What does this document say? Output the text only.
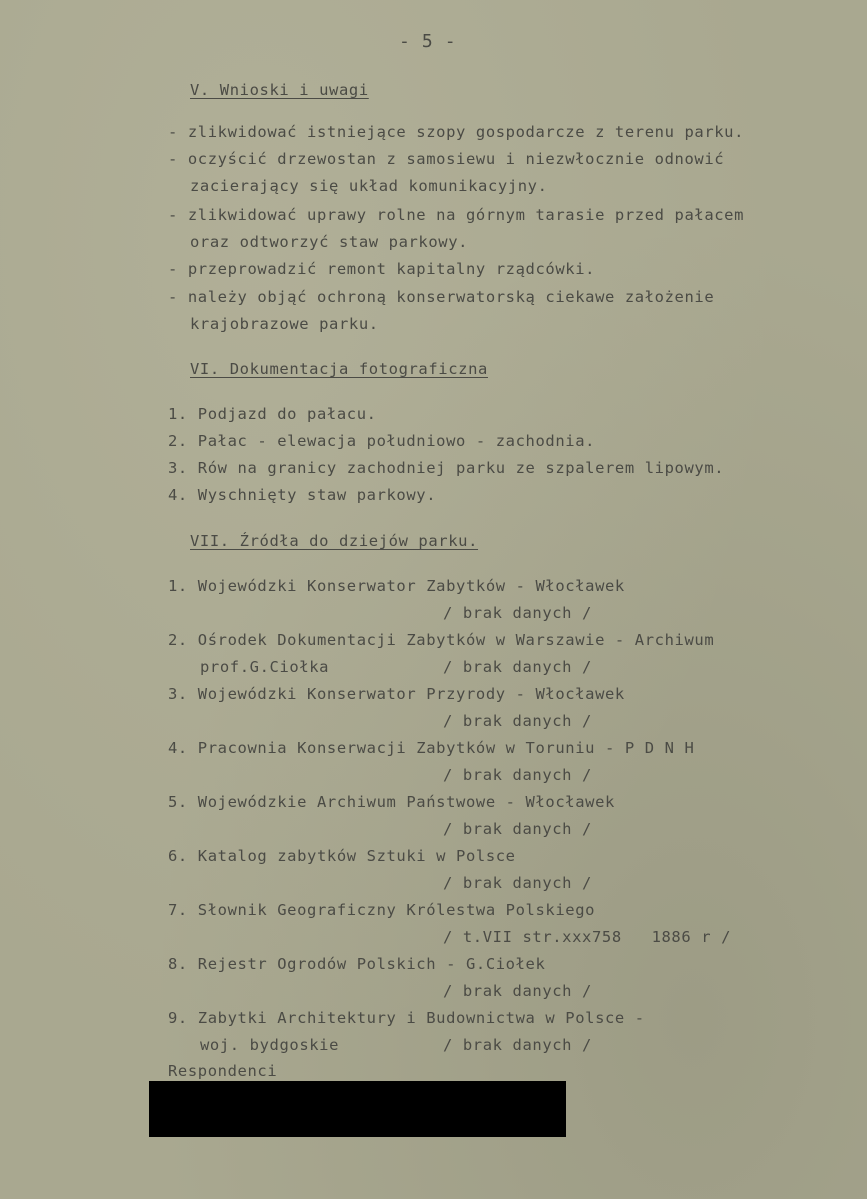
- 5 -
V. Wnioski i uwagi
- zlikwidować istniejące szopy gospodarcze z terenu parku.
- oczyścić drzewostan z samosiewu i niezwłocznie odnowić
zacierający się układ komunikacyjny.
- zlikwidować uprawy rolne na górnym tarasie przed pałacem
oraz odtworzyć staw parkowy.
- przeprowadzić remont kapitalny rządcówki.
- należy objąć ochroną konserwatorską ciekawe założenie
krajobrazowe parku.
VI. Dokumentacja fotograficzna
1. Podjazd do pałacu.
2. Pałac - elewacja południowo - zachodnia.
3. Rów na granicy zachodniej parku ze szpalerem lipowym.
4. Wyschnięty staw parkowy.
VII. Źródła do dziejów parku.
1. Wojewódzki Konserwator Zabytków - Włocławek
/ brak danych /
2. Ośrodek Dokumentacji Zabytków w Warszawie - Archiwum
prof.G.Ciołka	/ brak danych /
3. Wojewódzki Konserwator Przyrody - Włocławek
/ brak danych /
4. Pracownia Konserwacji Zabytków w Toruniu - P D N H
/ brak danych /
5. Wojewódzkie Archiwum Państwowe - Włocławek
/ brak danych /
6. Katalog zabytków Sztuki w Polsce
/ brak danych /
7. Słownik Geograficzny Królestwa Polskiego
/ t.VII str.xxx758   1886 r /
8. Rejestr Ogrodów Polskich - G.Ciołek
/ brak danych /
9. Zabytki Architektury i Budownictwa w Polsce -
woj. bydgoskie	/ brak danych /
Respondenci
